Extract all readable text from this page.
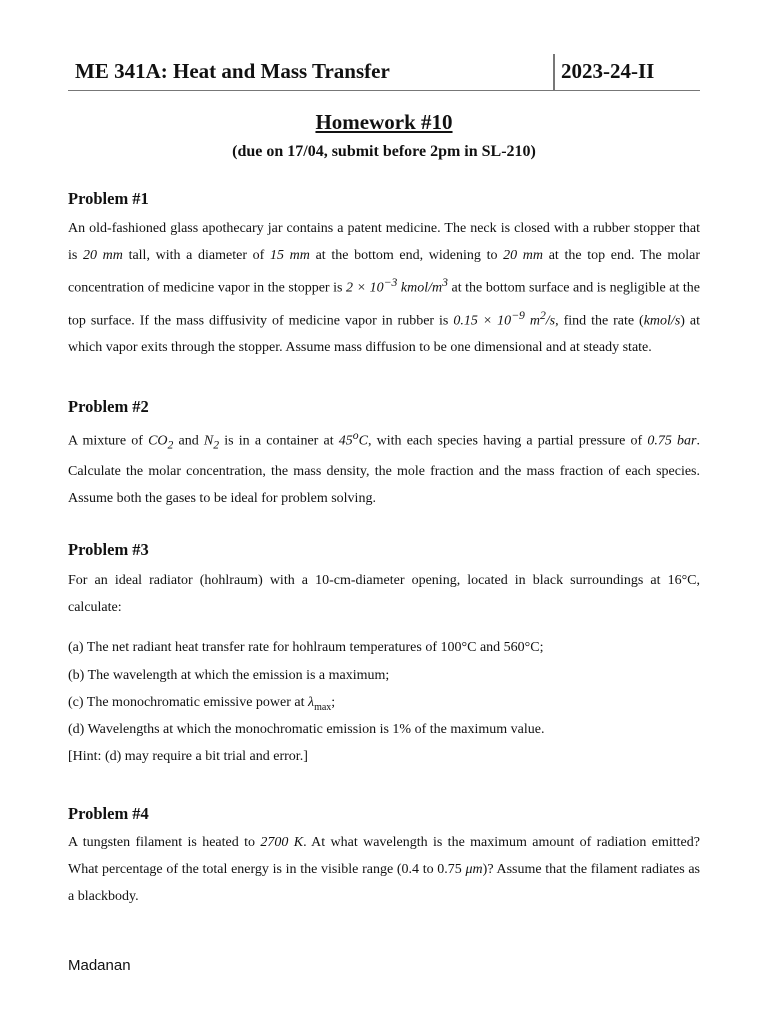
ME 341A: Heat and Mass Transfer	2023-24-II
Homework #10
(due on 17/04, submit before 2pm in SL-210)
Problem #1
An old-fashioned glass apothecary jar contains a patent medicine. The neck is closed with a rubber stopper that is 20 mm tall, with a diameter of 15 mm at the bottom end, widening to 20 mm at the top end. The molar concentration of medicine vapor in the stopper is $2 \times 10^{-3}$ kmol/$m^3$ at the bottom surface and is negligible at the top surface. If the mass diffusivity of medicine vapor in rubber is $0.15 \times 10^{-9}$ $m^2/s$, find the rate (kmol/s) at which vapor exits through the stopper. Assume mass diffusion to be one dimensional and at steady state.
Problem #2
A mixture of $CO_2$ and $N_2$ is in a container at 45$^o$C, with each species having a partial pressure of 0.75 bar. Calculate the molar concentration, the mass density, the mole fraction and the mass fraction of each species. Assume both the gases to be ideal for problem solving.
Problem #3
For an ideal radiator (hohlraum) with a 10-cm-diameter opening, located in black surroundings at 16°C, calculate:
(a) The net radiant heat transfer rate for hohlraum temperatures of 100°C and 560°C;
(b) The wavelength at which the emission is a maximum;
(c) The monochromatic emissive power at $\lambda_{max}$;
(d) Wavelengths at which the monochromatic emission is 1% of the maximum value.
[Hint: (d) may require a bit trial and error.]
Problem #4
A tungsten filament is heated to 2700 K. At what wavelength is the maximum amount of radiation emitted? What percentage of the total energy is in the visible range (0.4 to 0.75 μm)? Assume that the filament radiates as a blackbody.
Madanan
